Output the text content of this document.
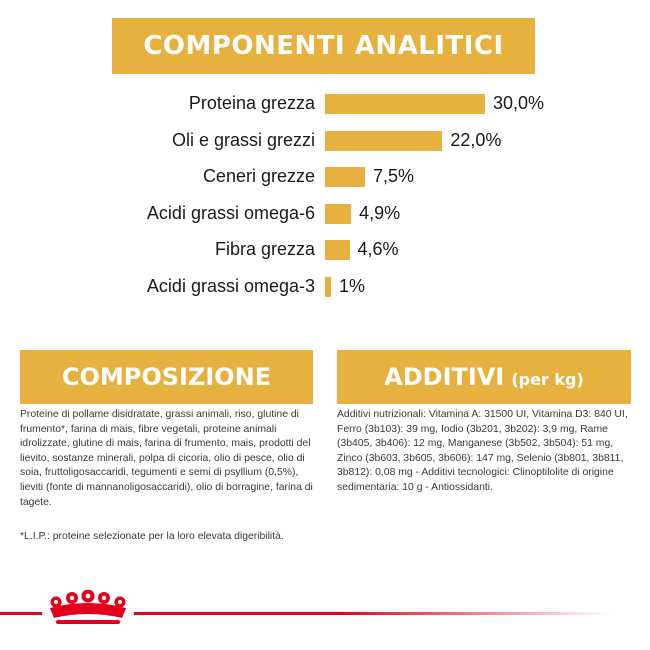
COMPONENTI ANALITICI
Proteina grezza	30,0%
Oli e grassi grezzi	22,0%
Ceneri grezze	7,5%
Acidi grassi omega-6 4,9%
Fibra grezza 4,6%
Acidi grassi omega-3 1%
COMPOSIZIONE	ADDITIVI (per kg)
Proteine di pollame disidratate, grassi animali, riso, glutine di frumento*, farina di mais, fibre vegetali, proteine animali idrolizzate, glutine di mais, farina di frumento, mais, prodotti del lievito, sostanze minerali, polpa di cicoria, olio di pesce, olio di soia, fruttoligosaccaridi, tegumenti e semi di psyllium (0,5%), lieviti (fonte di mannanoligosaccaridi), olio di borragine, farina di tagete.
*L.I.P.: proteine selezionate per la loro elevata digeribilità.
Additivi nutrizionali: Vitamina A: 31500 UI, Vitamina D3: 840 UI, Ferro (3b103): 39 mg, Iodio (3b201, 3b202): 3,9 mg, Rame (3b405, 3b406): 12 mg, Manganese (3b502, 3b504): 51 mg, Zinco (3b603, 3b605, 3b606): 147 mg, Selenio (3b801, 3b811, 3b812): 0,08 mg - Additivi tecnologici: Clinoptilolite di origine sedimentaria: 10 g - Antiossidanti.
